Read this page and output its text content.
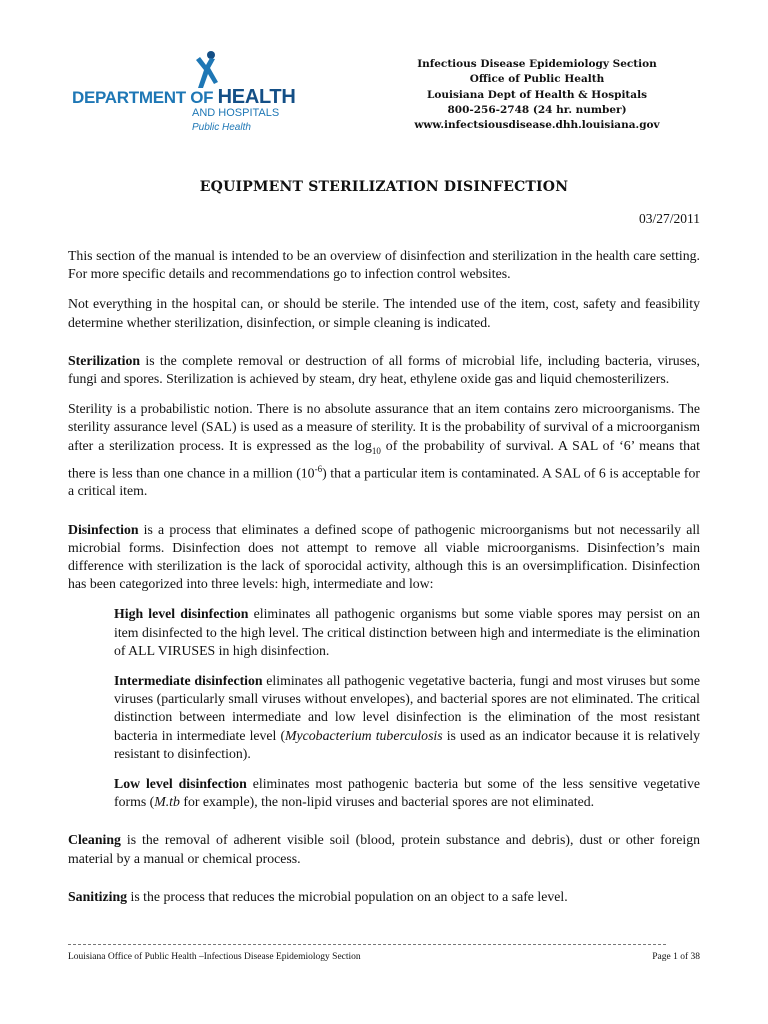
DEPARTMENT OF HEALTH
AND HOSPITALS
Public Health
Infectious Disease Epidemiology Section
Office of Public Health
Louisiana Dept of Health & Hospitals
800-256-2748 (24 hr. number)
www.infectsiousdisease.dhh.louisiana.gov
EQUIPMENT STERILIZATION DISINFECTION
03/27/2011

This section of the manual is intended to be an overview of disinfection and sterilization in the health care setting. For more specific details and recommendations go to infection control websites.

Not everything in the hospital can, or should be sterile. The intended use of the item, cost, safety and feasibility determine whether sterilization, disinfection, or simple cleaning is indicated.

Sterilization is the complete removal or destruction of all forms of microbial life, including bacteria, viruses, fungi and spores. Sterilization is achieved by steam, dry heat, ethylene oxide gas and liquid chemosterilizers.

Sterility is a probabilistic notion. There is no absolute assurance that an item contains zero microorganisms. The sterility assurance level (SAL) is used as a measure of sterility. It is the probability of survival of a microorganism after a sterilization process. It is expressed as the $\log_{10}$ of the probability of survival. A SAL of ‘6’ means that there is less than one chance in a million $(10^{-6})$ that a particular item is contaminated. A SAL of 6 is acceptable for a critical item.

Disinfection is a process that eliminates a defined scope of pathogenic microorganisms but not necessarily all microbial forms. Disinfection does not attempt to remove all viable microorganisms. Disinfection’s main difference with sterilization is the lack of sporocidal activity, although this is an oversimplification. Disinfection has been categorized into three levels: high, intermediate and low:

High level disinfection eliminates all pathogenic organisms but some viable spores may persist on an item disinfected to the high level. The critical distinction between high and intermediate is the elimination of ALL VIRUSES in high disinfection.

Intermediate disinfection eliminates all pathogenic vegetative bacteria, fungi and most viruses but some viruses (particularly small viruses without envelopes), and bacterial spores are not eliminated. The critical distinction between intermediate and low level disinfection is the elimination of the most resistant bacteria in intermediate level (Mycobacterium tuberculosis is used as an indicator because it is relatively resistant to disinfection).

Low level disinfection eliminates most pathogenic bacteria but some of the less sensitive vegetative forms (M.tb for example), the non-lipid viruses and bacterial spores are not eliminated.

Cleaning is the removal of adherent visible soil (blood, protein substance and debris), dust or other foreign material by a manual or chemical process.

Sanitizing is the process that reduces the microbial population on an object to a safe level.

Louisiana Office of Public Health –Infectious Disease Epidemiology Section	Page 1 of 38
